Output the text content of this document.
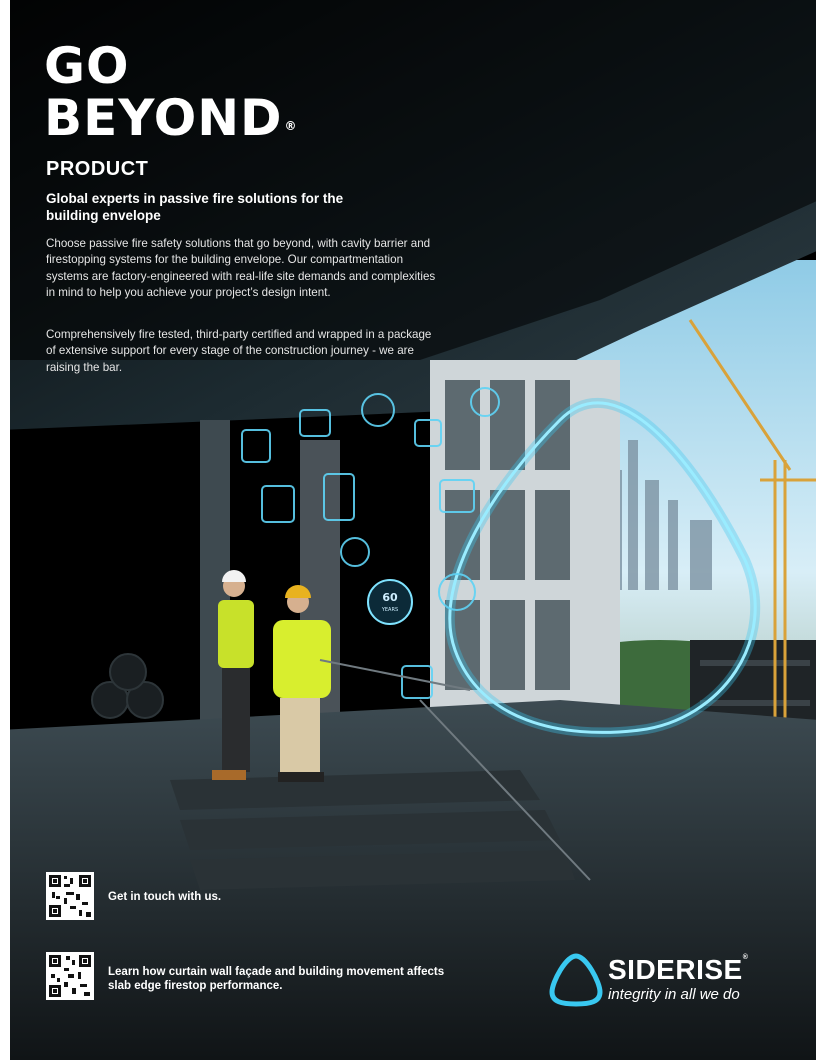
60
YEARS
GO
BEYOND ®
PRODUCT
Global experts in passive fire solutions for the building envelope
Choose passive fire safety solutions that go beyond, with cavity barrier and firestopping systems for the building envelope. Our compartmentation systems are factory-engineered with real-life site demands and complexities in mind to help you achieve your project’s design intent.
Comprehensively fire tested, third-party certified and wrapped in a package of extensive support for every stage of the construction journey - we are raising the bar.
Get in touch with us.
Learn how curtain wall façade and building movement affects slab edge firestop performance.
SIDERISE®
integrity in all we do
